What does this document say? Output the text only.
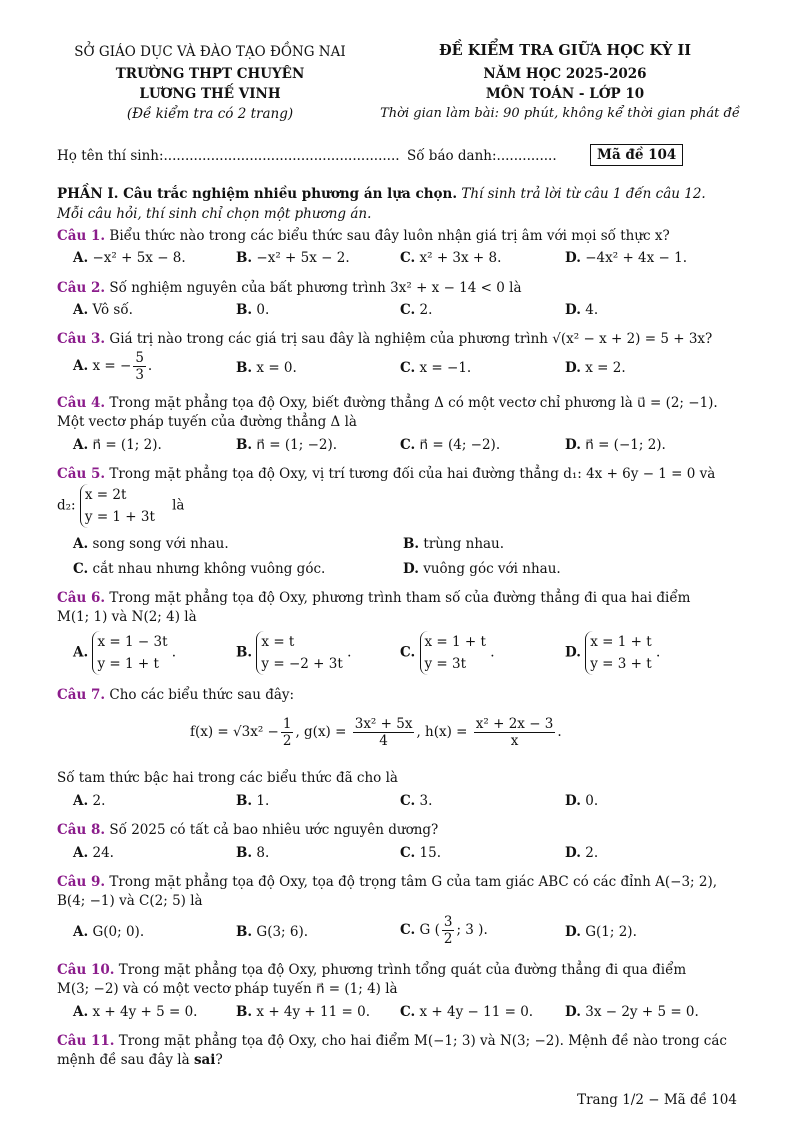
SỞ GIÁO DỤC VÀ ĐÀO TẠO ĐỒNG NAI
TRƯỜNG THPT CHUYÊN
LƯƠNG THẾ VINH
(Đề kiểm tra có 2 trang)
ĐỀ KIỂM TRA GIỮA HỌC KỲ II
NĂM HỌC 2025-2026
MÔN TOÁN - LỚP 10
Thời gian làm bài: 90 phút, không kể thời gian phát đề
Họ tên thí sinh:....................................................... Số báo danh:..............	Mã đề 104
PHẦN I. Câu trắc nghiệm nhiều phương án lựa chọn. Thí sinh trả lời từ câu 1 đến câu 12.
Mỗi câu hỏi, thí sinh chỉ chọn một phương án.
Câu 1. Biểu thức nào trong các biểu thức sau đây luôn nhận giá trị âm với mọi số thực x?
A. −x² + 5x − 8.	B. −x² + 5x − 2.	C. x² + 3x + 8.	D. −4x² + 4x − 1.
Câu 2. Số nghiệm nguyên của bất phương trình 3x² + x − 14 < 0 là
A. Vô số.	B. 0.	C. 2.	D. 4.
Câu 3. Giá trị nào trong các giá trị sau đây là nghiệm của phương trình √(x² − x + 2) = 5 + 3x?
A. x = − $\frac{5}{3}$ .	B. x = 0.	C. x = −1.	D. x = 2.
Câu 4. Trong mặt phẳng tọa độ Oxy, biết đường thẳng Δ có một vectơ chỉ phương là u⃗ = (2; −1).
Một vectơ pháp tuyến của đường thẳng Δ là
A. n⃗ = (1; 2).	B. n⃗ = (1; −2).	C. n⃗ = (4; −2).	D. n⃗ = (−1; 2).
Câu 5. Trong mặt phẳng tọa độ Oxy, vị trí tương đối của hai đường thẳng d₁: 4x + 6y − 1 = 0 và
d₂: x = 2t
y = 1 + 3t    là
A. song song với nhau.	B. trùng nhau.
C. cắt nhau nhưng không vuông góc.	D. vuông góc với nhau.
Câu 6. Trong mặt phẳng tọa độ Oxy, phương trình tham số của đường thẳng đi qua hai điểm
M(1; 1) và N(2; 4) là
A. x = 1 − 3t
y = 1 + t .	B. x = t
y = −2 + 3t .	C. x = 1 + t
y = 3t .	D. x = 1 + t
y = 3 + t .
Câu 7. Cho các biểu thức sau đây:
$f(x) = √3x^2 - \frac{1}{2}$ , $g(x) = \frac{\text{3x² + 5x}}{4}$ , $h(x) = \frac{\text{x² + 2x − 3}}{x}$ .
Số tam thức bậc hai trong các biểu thức đã cho là
A. 2.	B. 1.	C. 3.	D. 0.
Câu 8. Số 2025 có tất cả bao nhiêu ước nguyên dương?
A. 24.	B. 8.	C. 15.	D. 2.
Câu 9. Trong mặt phẳng tọa độ Oxy, tọa độ trọng tâm G của tam giác ABC có các đỉnh A(−3; 2),
B(4; −1) và C(2; 5) là
A. G(0; 0).	B. G(3; 6).	C. G ( $\frac{3}{2}$ ; 3 ).	D. G(1; 2).
Câu 10. Trong mặt phẳng tọa độ Oxy, phương trình tổng quát của đường thẳng đi qua điểm
M(3; −2) và có một vectơ pháp tuyến n⃗ = (1; 4) là
A. x + 4y + 5 = 0.	B. x + 4y + 11 = 0. C. x + 4y − 11 = 0. D. 3x − 2y + 5 = 0.
Câu 11. Trong mặt phẳng tọa độ Oxy, cho hai điểm M(−1; 3) và N(3; −2). Mệnh đề nào trong các
mệnh đề sau đây là sai?
Trang 1/2 − Mã đề 104
